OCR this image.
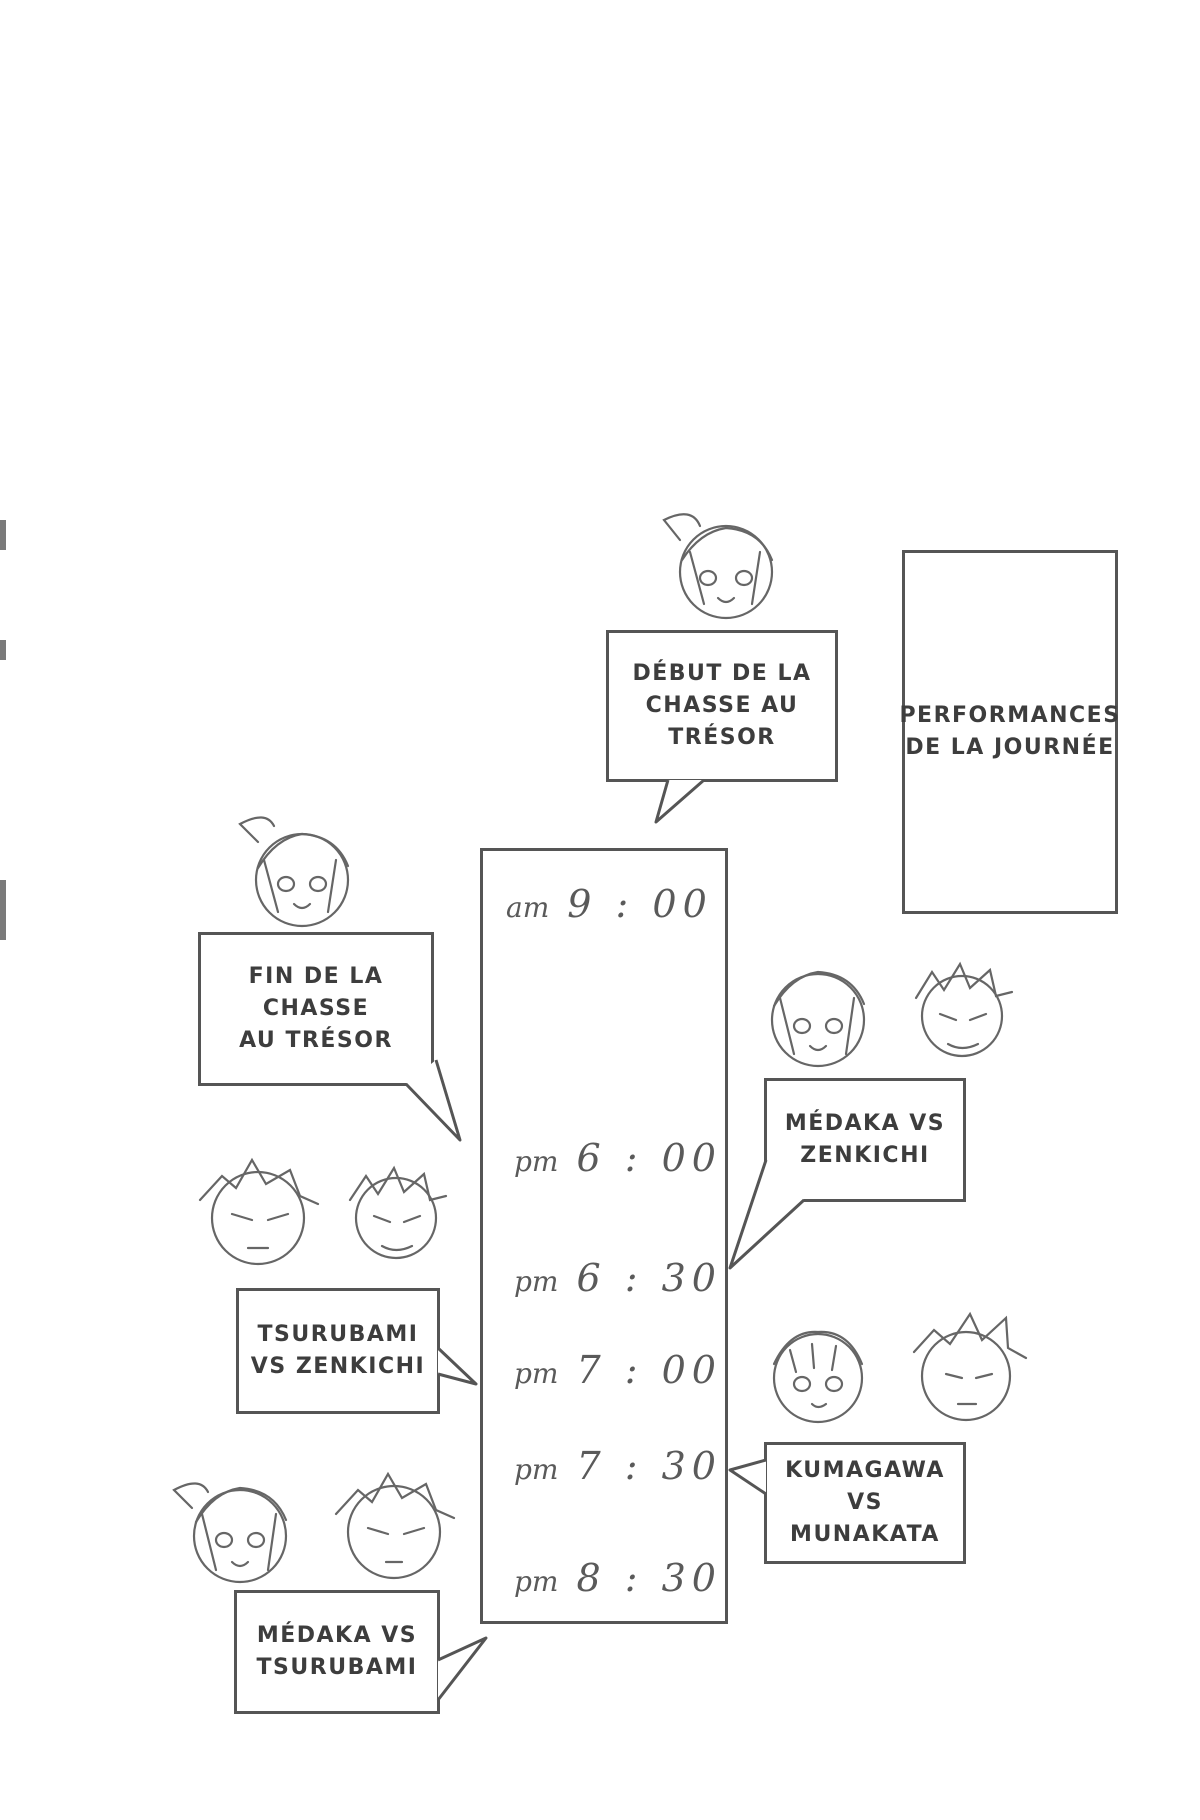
PERFORMANCES
DE LA JOURNÉE
am 9 : 00
pm 6 : 00
pm 6 : 30
pm 7 : 00
pm 7 : 30
pm 8 : 30
DÉBUT DE LA
CHASSE AU TRÉSOR
FIN DE LA CHASSE
AU TRÉSOR
MÉDAKA VS
ZENKICHI
TSURUBAMI
VS ZENKICHI
KUMAGAWA VS
MUNAKATA
MÉDAKA VS
TSURUBAMI
